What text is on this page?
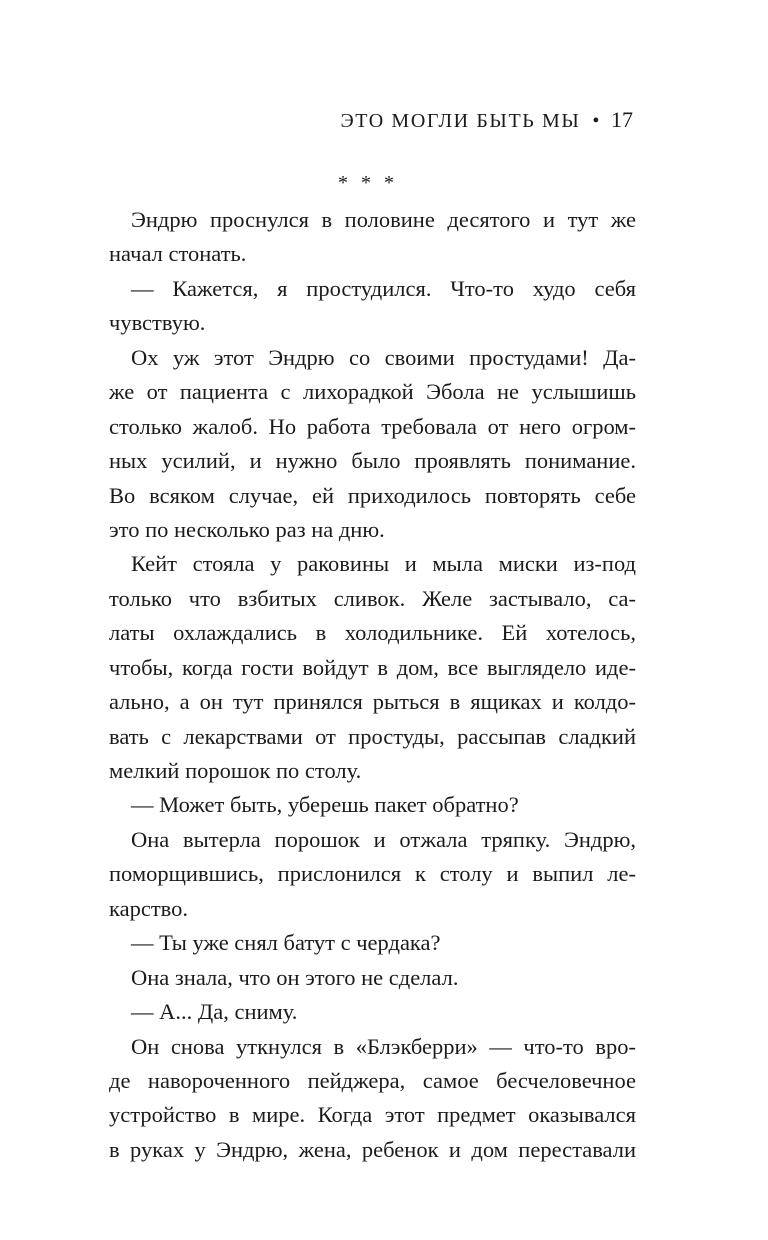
ЭТО МОГЛИ БЫТЬ МЫ • 17
* * *
Эндрю проснулся в половине десятого и тут же
начал стонать.
— Кажется, я простудился. Что-то худо себя
чувствую.
Ох уж этот Эндрю со своими простудами! Да-
же от пациента с лихорадкой Эбола не услышишь
столько жалоб. Но работа требовала от него огром-
ных усилий, и нужно было проявлять понимание.
Во всяком случае, ей приходилось повторять себе
это по несколько раз на дню.
Кейт стояла у раковины и мыла миски из-под
только что взбитых сливок. Желе застывало, са-
латы охлаждались в холодильнике. Ей хотелось,
чтобы, когда гости войдут в дом, все выглядело иде-
ально, а он тут принялся рыться в ящиках и колдо-
вать с лекарствами от простуды, рассыпав сладкий
мелкий порошок по столу.
— Может быть, уберешь пакет обратно?
Она вытерла порошок и отжала тряпку. Эндрю,
поморщившись, прислонился к столу и выпил ле-
карство.
— Ты уже снял батут с чердака?
Она знала, что он этого не сделал.
— А... Да, сниму.
Он снова уткнулся в «Блэкберри» — что-то вро-
де навороченного пейджера, самое бесчеловечное
устройство в мире. Когда этот предмет оказывался
в руках у Эндрю, жена, ребенок и дом переставали
